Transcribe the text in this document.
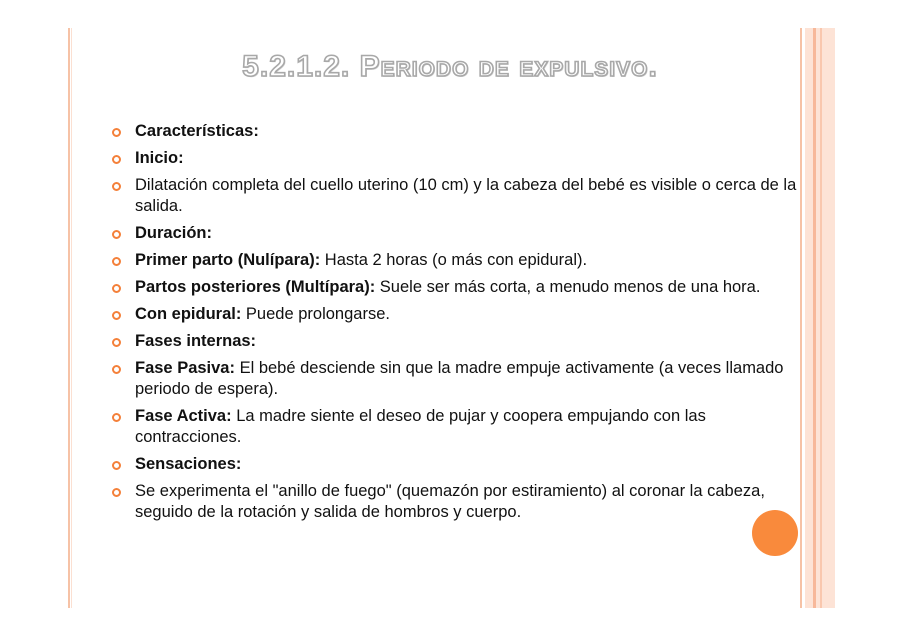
5.2.1.2. Periodo de expulsivo.
Características:
Inicio:
Dilatación completa del cuello uterino (10 cm) y la cabeza del bebé es visible o cerca de la salida.
Duración:
Primer parto (Nulípara): Hasta 2 horas (o más con epidural).
Partos posteriores (Multípara): Suele ser más corta, a menudo menos de una hora.
Con epidural: Puede prolongarse.
Fases internas:
Fase Pasiva: El bebé desciende sin que la madre empuje activamente (a veces llamado periodo de espera).
Fase Activa: La madre siente el deseo de pujar y coopera empujando con las contracciones.
Sensaciones:
Se experimenta el "anillo de fuego" (quemazón por estiramiento) al coronar la cabeza, seguido de la rotación y salida de hombros y cuerpo.
